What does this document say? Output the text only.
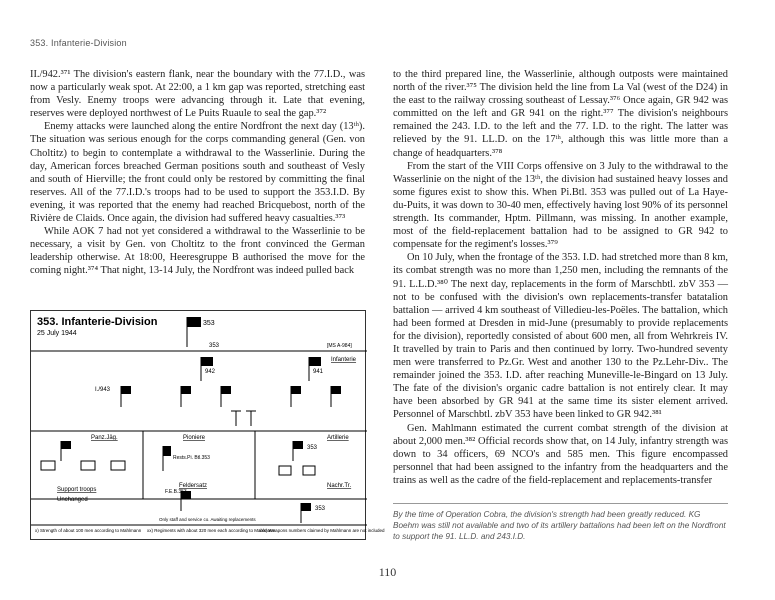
353. Infanterie-Division

II./942.³⁷¹ The division's eastern flank, near the boundary with the 77.I.D., was now a particularly weak spot. At 22:00, a 1 km gap was reported, stretching east from Vesly. Enemy troops were advancing through it. Late that evening, reserves were deployed northwest of Le Puits Ruaule to seal the gap.³⁷²

Enemy attacks were launched along the entire Nordfront the next day (13ᵗʰ). The situation was serious enough for the corps commanding general (Gen. von Choltitz) to begin to contemplate a withdrawal to the Wasserlinie. During the day, American forces breached German positions south and southeast of Vesly and south of Hierville; the front could only be restored by committing the final reserves. All of the 77.I.D.'s troops had to be used to support the 353.I.D. By evening, it was reported that the enemy had reached Bricquebost, north of the Rivière de Claids. Once again, the division had suffered heavy casualties.³⁷³

While AOK 7 had not yet considered a withdrawal to the Wasserlinie to be necessary, a visit by Gen. von Choltitz to the front convinced the German leadership otherwise. At 18:00, Heeresgruppe B authorised the move for the coming night.³⁷⁴ That night, 13-14 July, the Nordfront was indeed pulled back

353. Infanterie-Division
25 July 1944
353
353	[MS A-984]
Infanterie
941
942
I./943
Panz.Jäg.	Pioniere	Artillerie
Feldersatz	Nachr.Tr.
Support troops
Unchanged
Rests.Pi. Btl.353
353
F.E.B.353
Only staff and service co. Awaiting replacements
353
x) Strength of about 100 men according to Mahlmann xx) Regiments with about 320 men each according to Mahlmann
xxx) Weapons numbers claimed by Mahlmann are not included

to the third prepared line, the Wasserlinie, although outposts were maintained north of the river.³⁷⁵ The division held the line from La Val (west of the D24) in the east to the railway crossing southeast of Lessay.³⁷⁶ Once again, GR 942 was committed on the left and GR 941 on the right.³⁷⁷ The division's neighbours remained the 243. I.D. to the left and the 77. I.D. to the right. The latter was relieved by the 91. LL.D. on the 17ᵗʰ, although this was little more than a change of headquarters.³⁷⁸

From the start of the VIII Corps offensive on 3 July to the withdrawal to the Wasserlinie on the night of the 13ᵗʰ, the division had sustained heavy losses and some figures exist to show this. When Pi.Btl. 353 was pulled out of La Haye-du-Puits, it was down to 30-40 men, effectively having lost 90% of its personnel strength. Its commander, Hptm. Pillmann, was missing. In another example, most of the field-replacement battalion had to be assigned to GR 942 to compensate for the regiment's losses.³⁷⁹

On 10 July, when the frontage of the 353. I.D. had stretched more than 8 km, its combat strength was no more than 1,250 men, including the remnants of the 91. L.L.D.³⁸⁰ The next day, replacements in the form of Marschbtl. zbV 353 — not to be confused with the division's own replacements-transfer batatalion battalion — arrived 4 km southeast of Villedieu-les-Poëles. The battalion, which had been formed at Dresden in mid-June (presumably to provide replacements for the division), reportedly consisted of about 600 men, all from Wehrkreis IV. It travelled by train to Paris and then continued by lorry. Two-hundred seventy men were transferred to Pz.Gr. West and another 130 to the Pz.Lehr-Div.. The remainder joined the 353. I.D. after reaching Muneville-le-Bingard on 13 July. The fate of the division's organic cadre battalion is not entirely clear. It may have been absorbed by GR 941 at the same time its sister element arrived. Personnel of Marschbtl. zbV 353 have been linked to GR 942.³⁸¹

Gen. Mahlmann estimated the current combat strength of the division at about 2,000 men.³⁸² Official records show that, on 14 July, infantry strength was down to 34 officers, 69 NCO's and 585 men. This figure encompassed personnel that had been assigned to the infantry from the headquarters and the trains as well as the cadre of the field-replacement and replacements-transfer

By the time of Operation Cobra, the division's strength had been greatly reduced. KG Boehm was still not available and two of its artillery battalions had been left on the Nordfront to support the 91. LL.D. and 243.I.D.
110
